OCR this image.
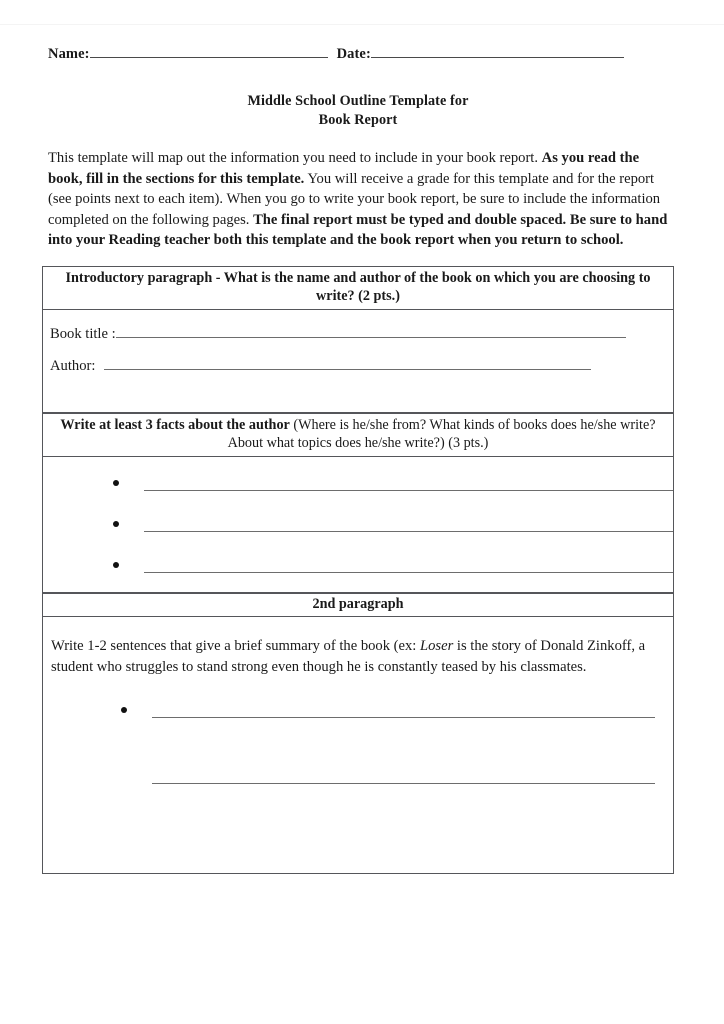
Name:	Date:
Middle School Outline Template for
Book Report

This template will map out the information you need to include in your book report. As you read the book, fill in the sections for this template. You will receive a grade for this template and for the report (see points next to each item). When you go to write your book report, be sure to include the information completed on the following pages. The final report must be typed and double spaced. Be sure to hand into your Reading teacher both this template and the book report when you return to school.

Introductory paragraph - What is the name and author of the book on which you are choosing to write? (2 pts.)
Book title :
Author:
Write at least 3 facts about the author (Where is he/she from? What kinds of books does he/she write? About what topics does he/she write?) (3 pts.)
2nd paragraph

Write 1-2 sentences that give a brief summary of the book (ex: Loser is the story of Donald Zinkoff, a student who struggles to stand strong even though he is constantly teased by his classmates.
